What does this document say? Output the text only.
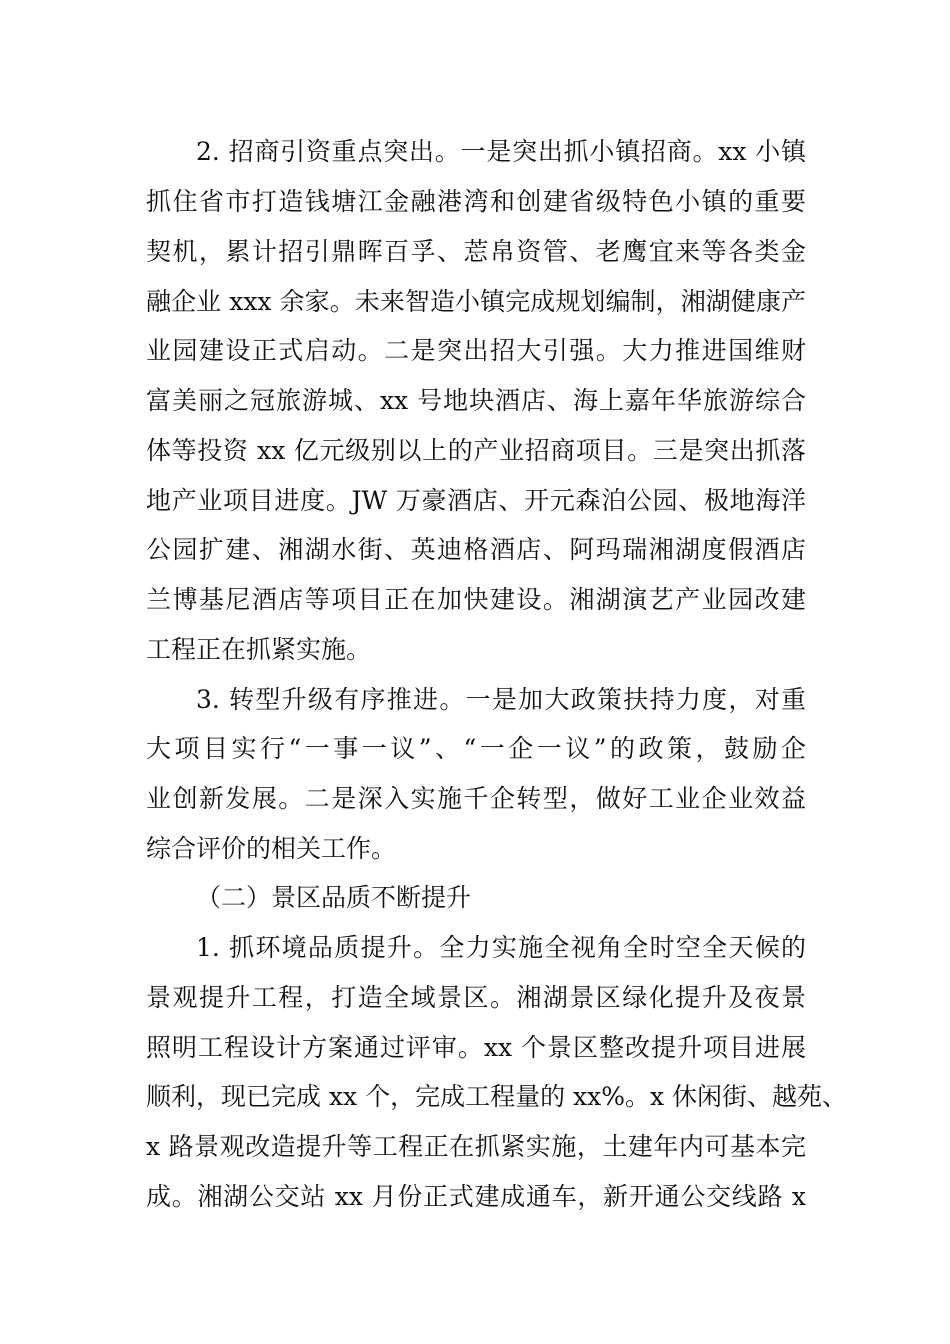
2. 招商引资重点突出。一是突出抓小镇招商。xx 小镇
抓住省市打造钱塘江金融港湾和创建省级特色小镇的重要
契机，累计招引鼎晖百孚、莣帛资管、老鹰宜来等各类金
融企业 xxx 余家。未来智造小镇完成规划编制，湘湖健康产
业园建设正式启动。二是突出招大引强。大力推进国维财
富美丽之冠旅游城、xx 号地块酒店、海上嘉年华旅游综合
体等投资 xx 亿元级别以上的产业招商项目。三是突出抓落
地产业项目进度。JW 万豪酒店、开元森泊公园、极地海洋
公园扩建、湘湖水街、英迪格酒店、阿玛瑞湘湖度假酒店
兰博基尼酒店等项目正在加快建设。湘湖演艺产业园改建
工程正在抓紧实施。
3. 转型升级有序推进。一是加大政策扶持力度，对重
大项目实行“一事一议”、“一企一议”的政策，鼓励企
业创新发展。二是深入实施千企转型，做好工业企业效益
综合评价的相关工作。
（二）景区品质不断提升
1. 抓环境品质提升。全力实施全视角全时空全天候的
景观提升工程，打造全域景区。湘湖景区绿化提升及夜景
照明工程设计方案通过评审。xx 个景区整改提升项目进展
顺利，现已完成 xx 个，完成工程量的 xx%。x 休闲街、越苑、
x 路景观改造提升等工程正在抓紧实施，土建年内可基本完
成。湘湖公交站 xx 月份正式建成通车，新开通公交线路 x
